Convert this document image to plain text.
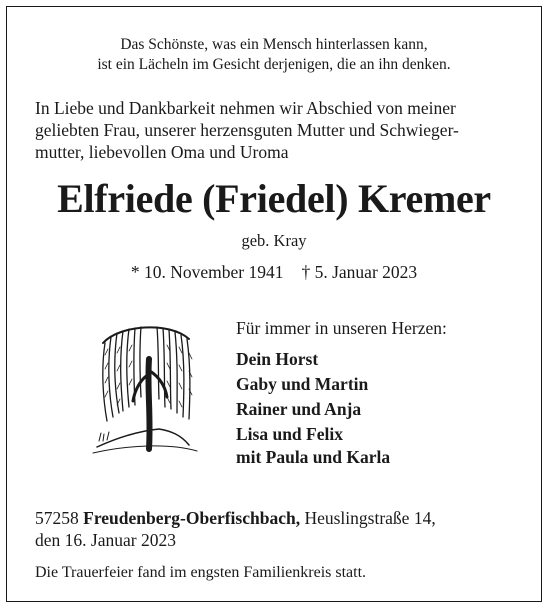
Das Schönste, was ein Mensch hinterlassen kann,
ist ein Lächeln im Gesicht derjenigen, die an ihn denken.
In Liebe und Dankbarkeit nehmen wir Abschied von meiner
geliebten Frau, unserer herzensguten Mutter und Schwieger-
mutter, liebevollen Oma und Uroma
Elfriede (Friedel) Kremer
geb. Kray
* 10. November 1941 † 5. Januar 2023
Für immer in unseren Herzen:
Dein Horst
Gaby und Martin
Rainer und Anja
Lisa und Felix
mit Paula und Karla
57258 Freudenberg-Oberfischbach, Heuslingstraße 14,
den 16. Januar 2023
Die Trauerfeier fand im engsten Familienkreis statt.
